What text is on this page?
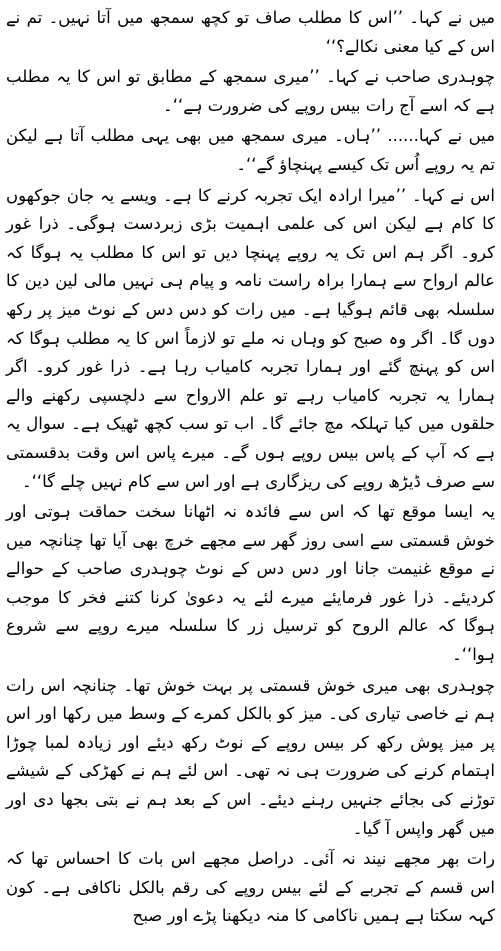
میں نے کہا۔ ’’اس کا مطلب صاف تو کچھ سمجھ میں آتا نہیں۔ تم نے اس کے کیا معنی نکالے؟‘‘

چوہدری صاحب نے کہا۔ ’’میری سمجھ کے مطابق تو اس کا یہ مطلب ہے کہ اسے آج رات بیس روپے کی ضرورت ہے‘‘۔

میں نے کہا...... ’’ہاں۔ میری سمجھ میں بھی یہی مطلب آتا ہے لیکن تم یہ روپے اُس تک کیسے پہنچاؤ گے‘‘۔

اس نے کہا۔ ’’میرا ارادہ ایک تجربہ کرنے کا ہے۔ ویسے یہ جان جوکھوں کا کام ہے لیکن اس کی علمی اہمیت بڑی زبردست ہوگی۔ ذرا غور کرو۔ اگر ہم اس تک یہ روپے پہنچا دیں تو اس کا مطلب یہ ہوگا کہ عالم ارواح سے ہمارا براہ راست نامہ و پیام ہی نہیں مالی لین دین کا سلسلہ بھی قائم ہوگیا ہے۔ میں رات کو دس دس کے نوٹ میز پر رکھ دوں گا۔ اگر وہ صبح کو وہاں نہ ملے تو لازماً اس کا یہ مطلب ہوگا کہ اس کو پہنچ گئے اور ہمارا تجربہ کامیاب رہا ہے۔ ذرا غور کرو۔ اگر ہمارا یہ تجربہ کامیاب رہے تو علم الارواح سے دلچسپی رکھنے والے حلقوں میں کیا تہلکہ مچ جائے گا۔ اب تو سب کچھ ٹھیک ہے۔ سوال یہ ہے کہ آپ کے پاس بیس روپے ہوں گے۔ میرے پاس اس وقت بدقسمتی سے صرف ڈیڑھ روپے کی ریزگاری ہے اور اس سے کام نہیں چلے گا‘‘۔

یہ ایسا موقع تھا کہ اس سے فائدہ نہ اٹھانا سخت حماقت ہوتی اور خوش قسمتی سے اسی روز گھر سے مجھے خرچ بھی آیا تھا چنانچہ میں نے موقع غنیمت جانا اور دس دس کے نوٹ چوہدری صاحب کے حوالے کردیئے۔ ذرا غور فرمایئے میرے لئے یہ دعویٰ کرنا کتنے فخر کا موجب ہوگا کہ عالم الروح کو ترسیل زر کا سلسلہ میرے روپے سے شروع ہوا‘‘۔

چوہدری بھی میری خوش قسمتی پر بہت خوش تھا۔ چنانچہ اس رات ہم نے خاصی تیاری کی۔ میز کو بالکل کمرے کے وسط میں رکھا اور اس پر میز پوش رکھ کر بیس روپے کے نوٹ رکھ دیئے اور زیادہ لمبا چوڑا اہتمام کرنے کی ضرورت ہی نہ تھی۔ اس لئے ہم نے کھڑکی کے شیشے توڑنے کی بجائے جنہیں رہنے دیئے۔ اس کے بعد ہم نے بتی بجھا دی اور میں گھر واپس آ گیا۔

رات بھر مجھے نیند نہ آئی۔ دراصل مجھے اس بات کا احساس تھا کہ اس قسم کے تجربے کے لئے بیس روپے کی رقم بالکل ناکافی ہے۔ کون کہہ سکتا ہے ہمیں ناکامی کا منہ دیکھنا پڑے اور صبح
